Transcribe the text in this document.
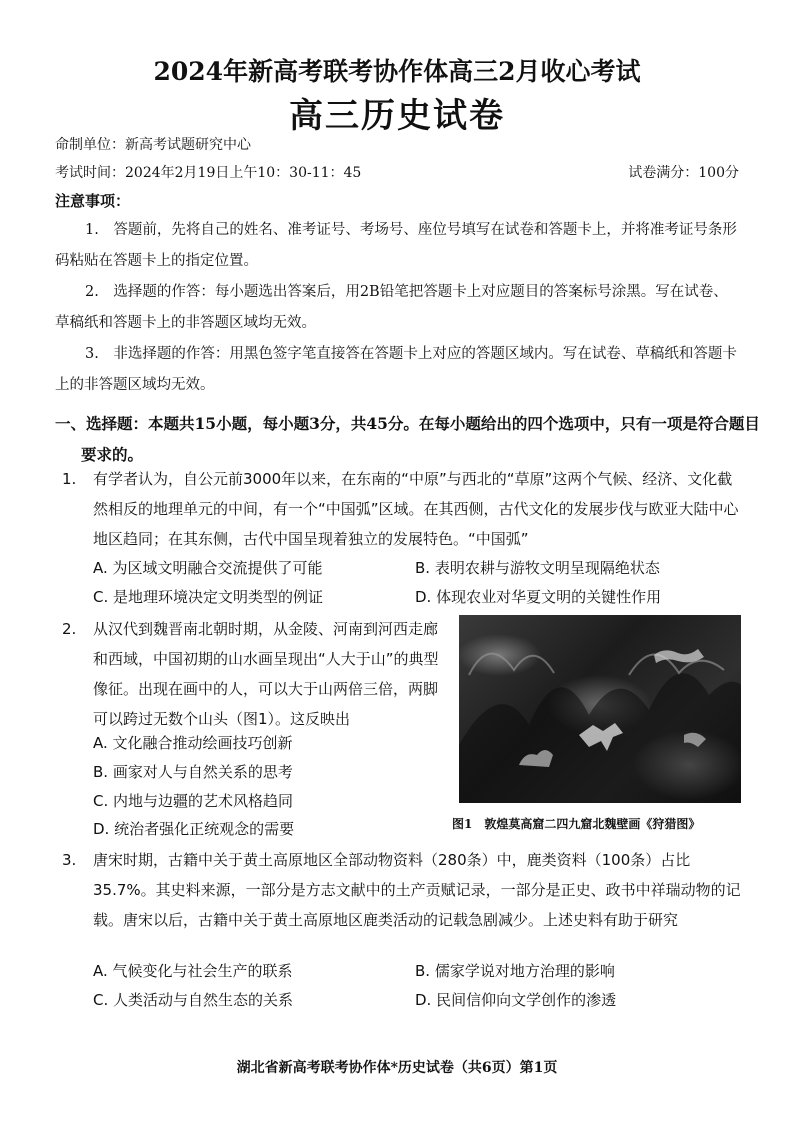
2024年新高考联考协作体高三2月收心考试
高三历史试卷
命制单位：新高考试题研究中心
考试时间：2024年2月19日上午10：30-11：45	试卷满分：100分
注意事项：
1.　答题前，先将自己的姓名、准考证号、考场号、座位号填写在试卷和答题卡上，并将准考证号条形码粘贴在答题卡上的指定位置。
2.　选择题的作答：每小题选出答案后，用2B铅笔把答题卡上对应题目的答案标号涂黑。写在试卷、草稿纸和答题卡上的非答题区域均无效。
3.　非选择题的作答：用黑色签字笔直接答在答题卡上对应的答题区域内。写在试卷、草稿纸和答题卡上的非答题区域均无效。
一、选择题：本题共15小题，每小题3分，共45分。在每小题给出的四个选项中，只有一项是符合题目要求的。
1. 有学者认为，自公元前3000年以来，在东南的“中原”与西北的“草原”这两个气候、经济、文化截然相反的地理单元的中间，有一个“中国弧”区域。在其西侧，古代文化的发展步伐与欧亚大陆中心地区趋同；在其东侧，古代中国呈现着独立的发展特色。“中国弧”
A. 为区域文明融合交流提供了可能	B. 表明农耕与游牧文明呈现隔绝状态
C. 是地理环境决定文明类型的例证	D. 体现农业对华夏文明的关键性作用
2. 从汉代到魏晋南北朝时期，从金陵、河南到河西走廊和西域，中国初期的山水画呈现出“人大于山”的典型像征。出现在画中的人，可以大于山两倍三倍，两脚可以跨过无数个山头（图1）。这反映出
A. 文化融合推动绘画技巧创新
B. 画家对人与自然关系的思考
C. 内地与边疆的艺术风格趋同
D. 统治者强化正统观念的需要	图1　敦煌莫高窟二四九窟北魏壁画《狩猎图》
3. 唐宋时期，古籍中关于黄土高原地区全部动物资料（280条）中，鹿类资料（100条）占比35.7%。其史料来源，一部分是方志文献中的土产贡赋记录，一部分是正史、政书中祥瑞动物的记载。唐宋以后，古籍中关于黄土高原地区鹿类活动的记载急剧减少。上述史料有助于研究
A. 气候变化与社会生产的联系	B. 儒家学说对地方治理的影响
C. 人类活动与自然生态的关系	D. 民间信仰向文学创作的渗透
湖北省新高考联考协作体*历史试卷（共6页）第1页
